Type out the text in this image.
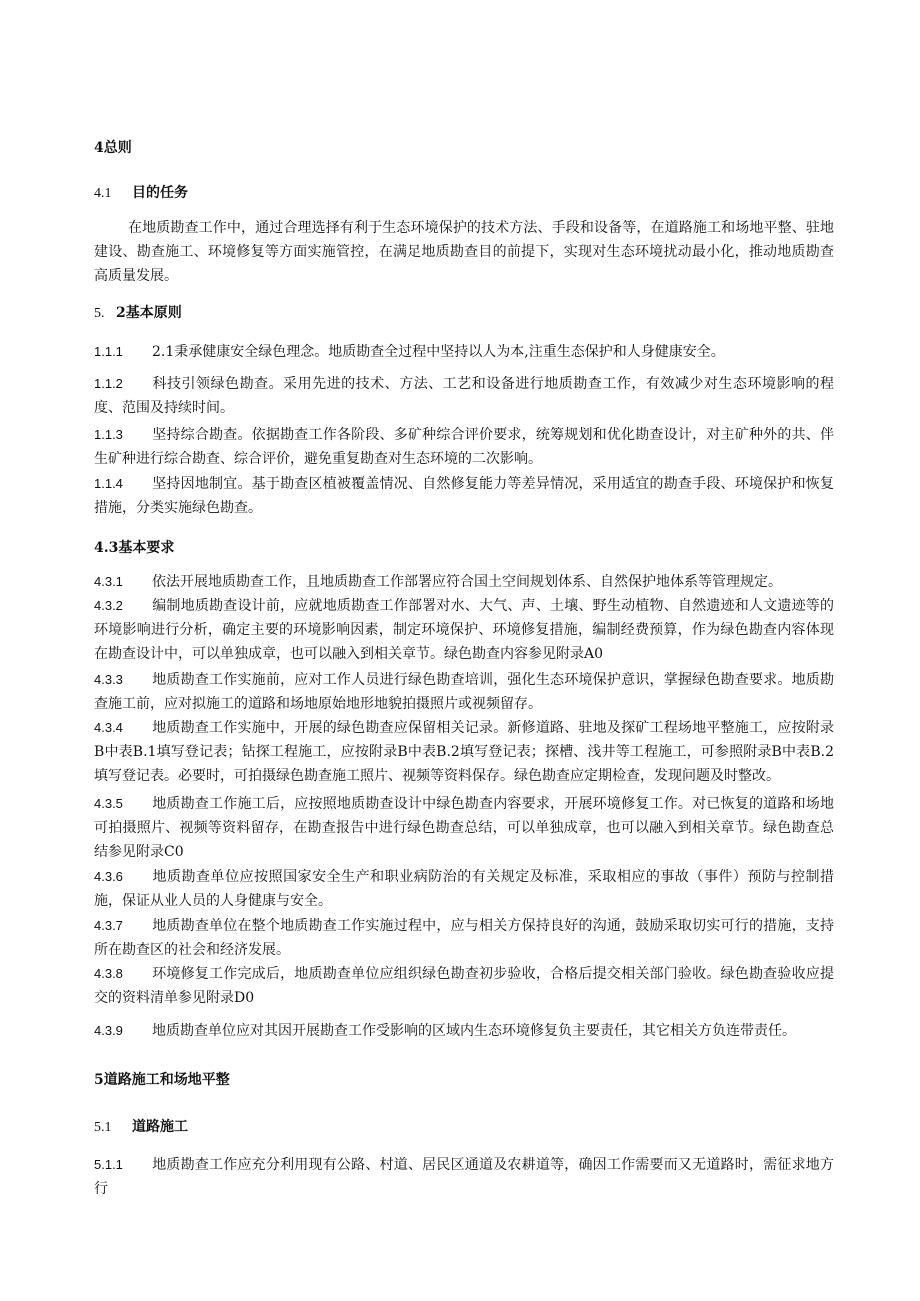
4总则
4.1 目的任务
在地质勘查工作中，通过合理选择有利于生态环境保护的技术方法、手段和设备等，在道路施工和场地平整、驻地建设、勘查施工、环境修复等方面实施管控，在满足地质勘查目的前提下，实现对生态环境扰动最小化，推动地质勘查高质量发展。
5. 2基本原则
1.1.1 2.1秉承健康安全绿色理念。地质勘查全过程中坚持以人为本,注重生态保护和人身健康安全。
1.1.2 科技引领绿色勘查。采用先进的技术、方法、工艺和设备进行地质勘查工作，有效减少对生态环境影响的程度、范围及持续时间。
1.1.3 坚持综合勘查。依据勘查工作各阶段、多矿种综合评价要求，统筹规划和优化勘查设计，对主矿种外的共、伴生矿种进行综合勘查、综合评价，避免重复勘查对生态环境的二次影响。
1.1.4 坚持因地制宜。基于勘查区植被覆盖情况、自然修复能力等差异情况，采用适宜的勘查手段、环境保护和恢复措施，分类实施绿色勘查。
4.3基本要求
4.3.1 依法开展地质勘查工作，且地质勘查工作部署应符合国土空间规划体系、自然保护地体系等管理规定。
4.3.2 编制地质勘查设计前，应就地质勘查工作部署对水、大气、声、土壤、野生动植物、自然遗迹和人文遗迹等的环境影响进行分析，确定主要的环境影响因素，制定环境保护、环境修复措施，编制经费预算，作为绿色勘查内容体现在勘查设计中，可以单独成章，也可以融入到相关章节。绿色勘查内容参见附录A0
4.3.3 地质勘查工作实施前，应对工作人员进行绿色勘查培训，强化生态环境保护意识，掌握绿色勘查要求。地质勘查施工前，应对拟施工的道路和场地原始地形地貌拍摄照片或视频留存。
4.3.4 地质勘查工作实施中，开展的绿色勘查应保留相关记录。新修道路、驻地及探矿工程场地平整施工，应按附录B中表B.1填写登记表；钻探工程施工，应按附录B中表B.2填写登记表；探槽、浅井等工程施工，可参照附录B中表B.2填写登记表。必要时，可拍摄绿色勘查施工照片、视频等资料保存。绿色勘查应定期检查，发现问题及时整改。
4.3.5 地质勘查工作施工后，应按照地质勘查设计中绿色勘查内容要求，开展环境修复工作。对已恢复的道路和场地可拍摄照片、视频等资料留存，在勘查报告中进行绿色勘查总结，可以单独成章，也可以融入到相关章节。绿色勘查总结参见附录C0
4.3.6 地质勘查单位应按照国家安全生产和职业病防治的有关规定及标准，采取相应的事故（事件）预防与控制措施，保证从业人员的人身健康与安全。
4.3.7 地质勘查单位在整个地质勘查工作实施过程中，应与相关方保持良好的沟通，鼓励采取切实可行的措施，支持所在勘查区的社会和经济发展。
4.3.8 环境修复工作完成后，地质勘查单位应组织绿色勘查初步验收，合格后提交相关部门验收。绿色勘查验收应提交的资料清单参见附录D0
4.3.9 地质勘查单位应对其因开展勘查工作受影响的区域内生态环境修复负主要责任，其它相关方负连带责任。
5道路施工和场地平整
5.1 道路施工
5.1.1 地质勘查工作应充分利用现有公路、村道、居民区通道及农耕道等，确因工作需要而又无道路时，需征求地方行
